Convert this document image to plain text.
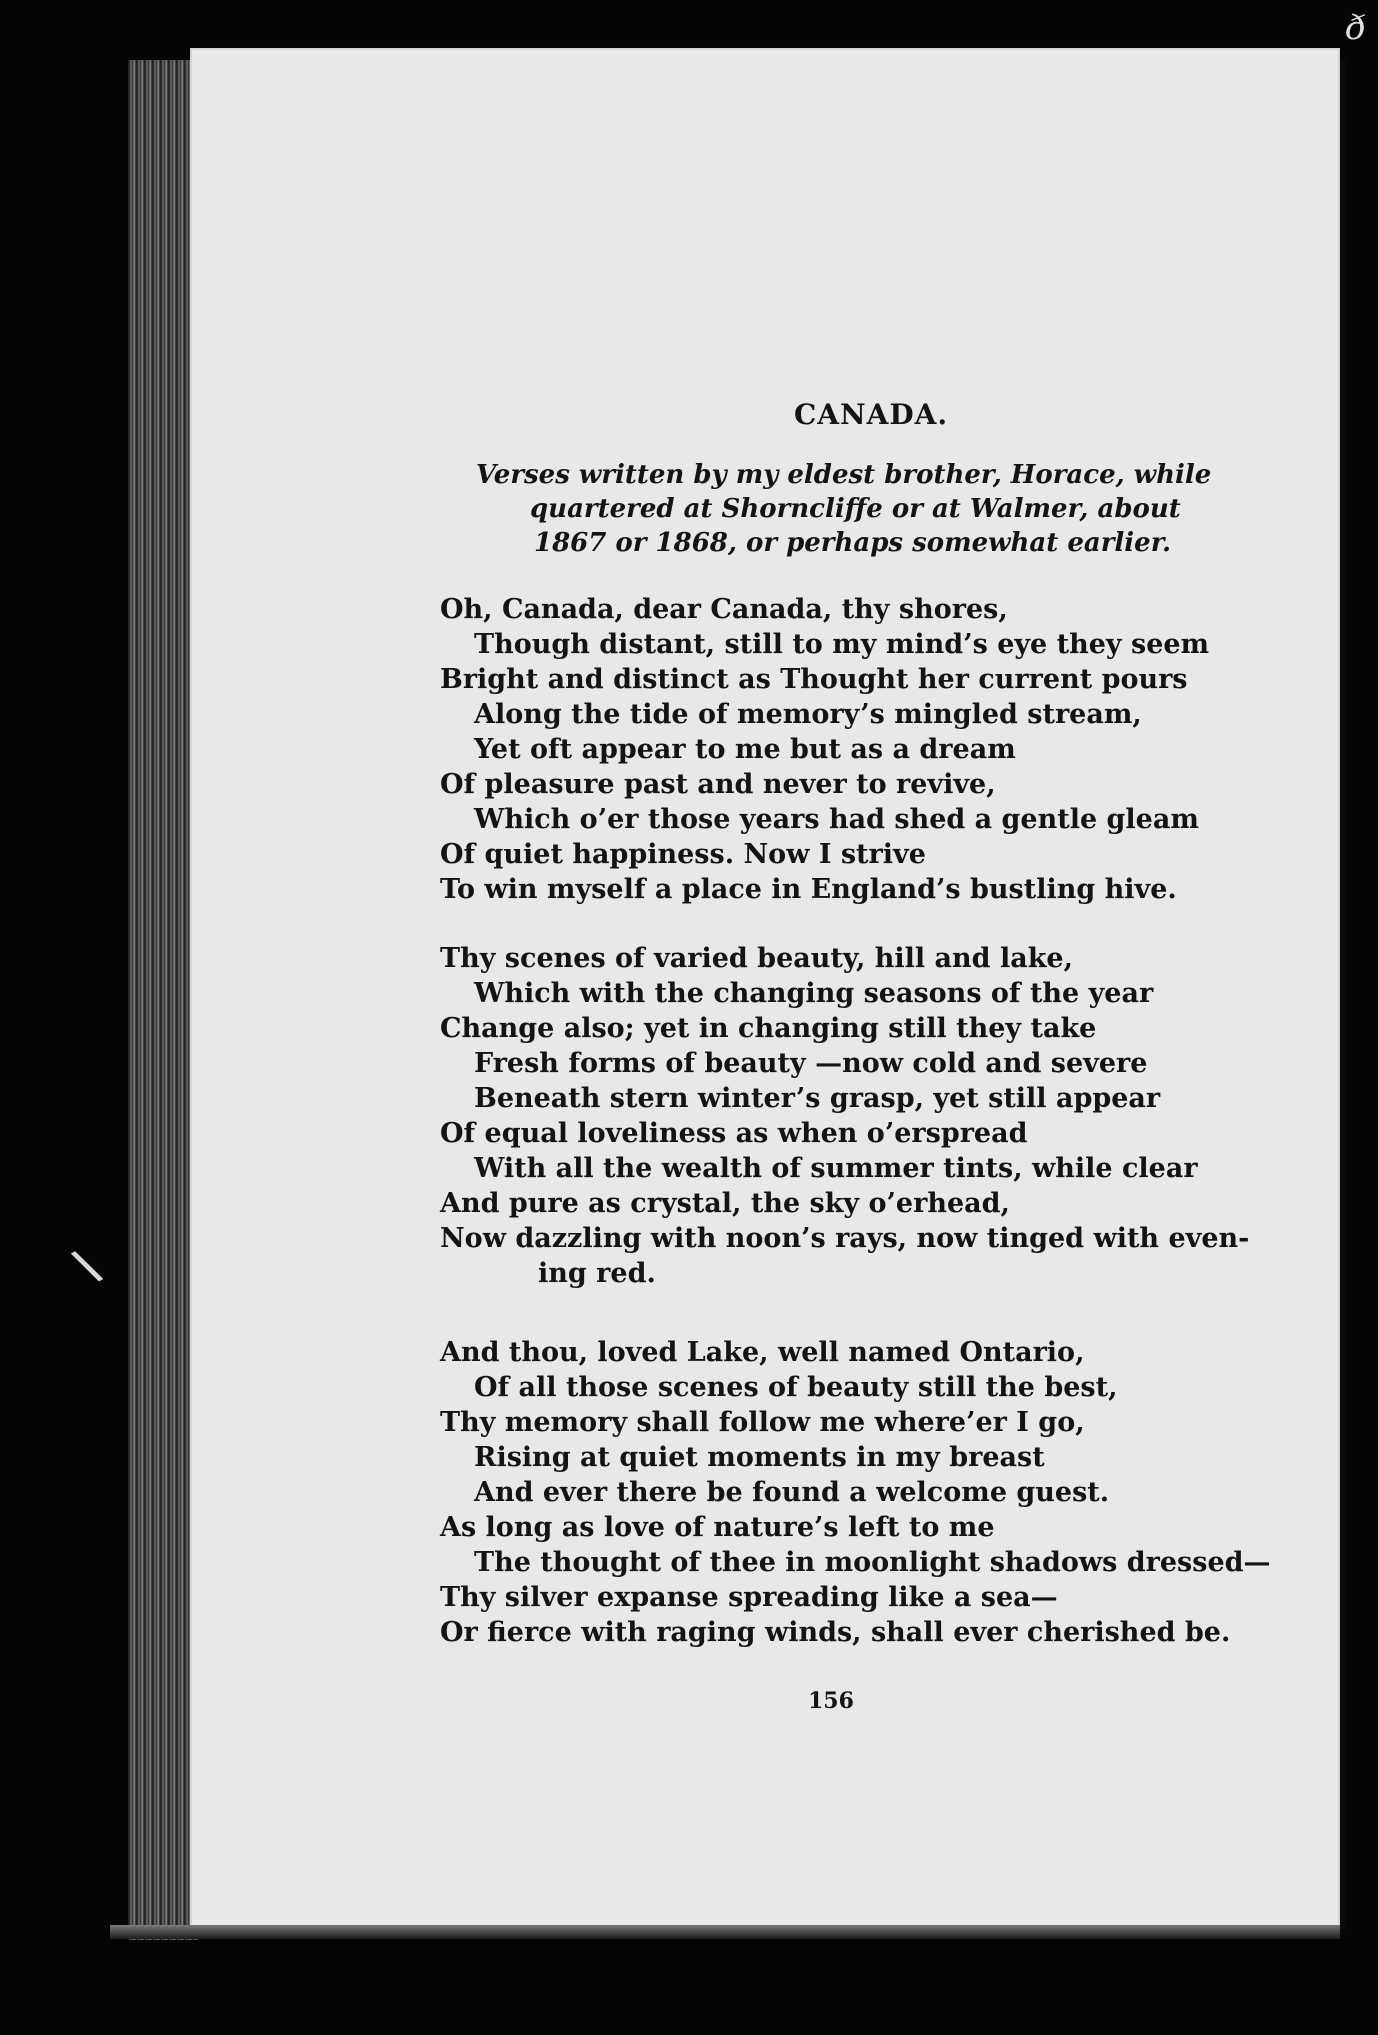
ð
\
CANADA.
Verses written by my eldest brother, Horace, while
quartered at Shorncliffe or at Walmer, about
1867 or 1868, or perhaps somewhat earlier.
Oh, Canada, dear Canada, thy shores,
Though distant, still to my mind’s eye they seem
Bright and distinct as Thought her current pours
Along the tide of memory’s mingled stream,
Yet oft appear to me but as a dream
Of pleasure past and never to revive,
Which o’er those years had shed a gentle gleam
Of quiet happiness. Now I strive
To win myself a place in England’s bustling hive.
Thy scenes of varied beauty, hill and lake,
Which with the changing seasons of the year
Change also; yet in changing still they take
Fresh forms of beauty —now cold and severe
Beneath stern winter’s grasp, yet still appear
Of equal loveliness as when o’erspread
With all the wealth of summer tints, while clear
And pure as crystal, the sky o’erhead,
Now dazzling with noon’s rays, now tinged with even-
ing red.
And thou, loved Lake, well named Ontario,
Of all those scenes of beauty still the best,
Thy memory shall follow me where’er I go,
Rising at quiet moments in my breast
And ever there be found a welcome guest.
As long as love of nature’s left to me
The thought of thee in moonlight shadows dressed—
Thy silver expanse spreading like a sea—
Or fierce with raging winds, shall ever cherished be.
156
